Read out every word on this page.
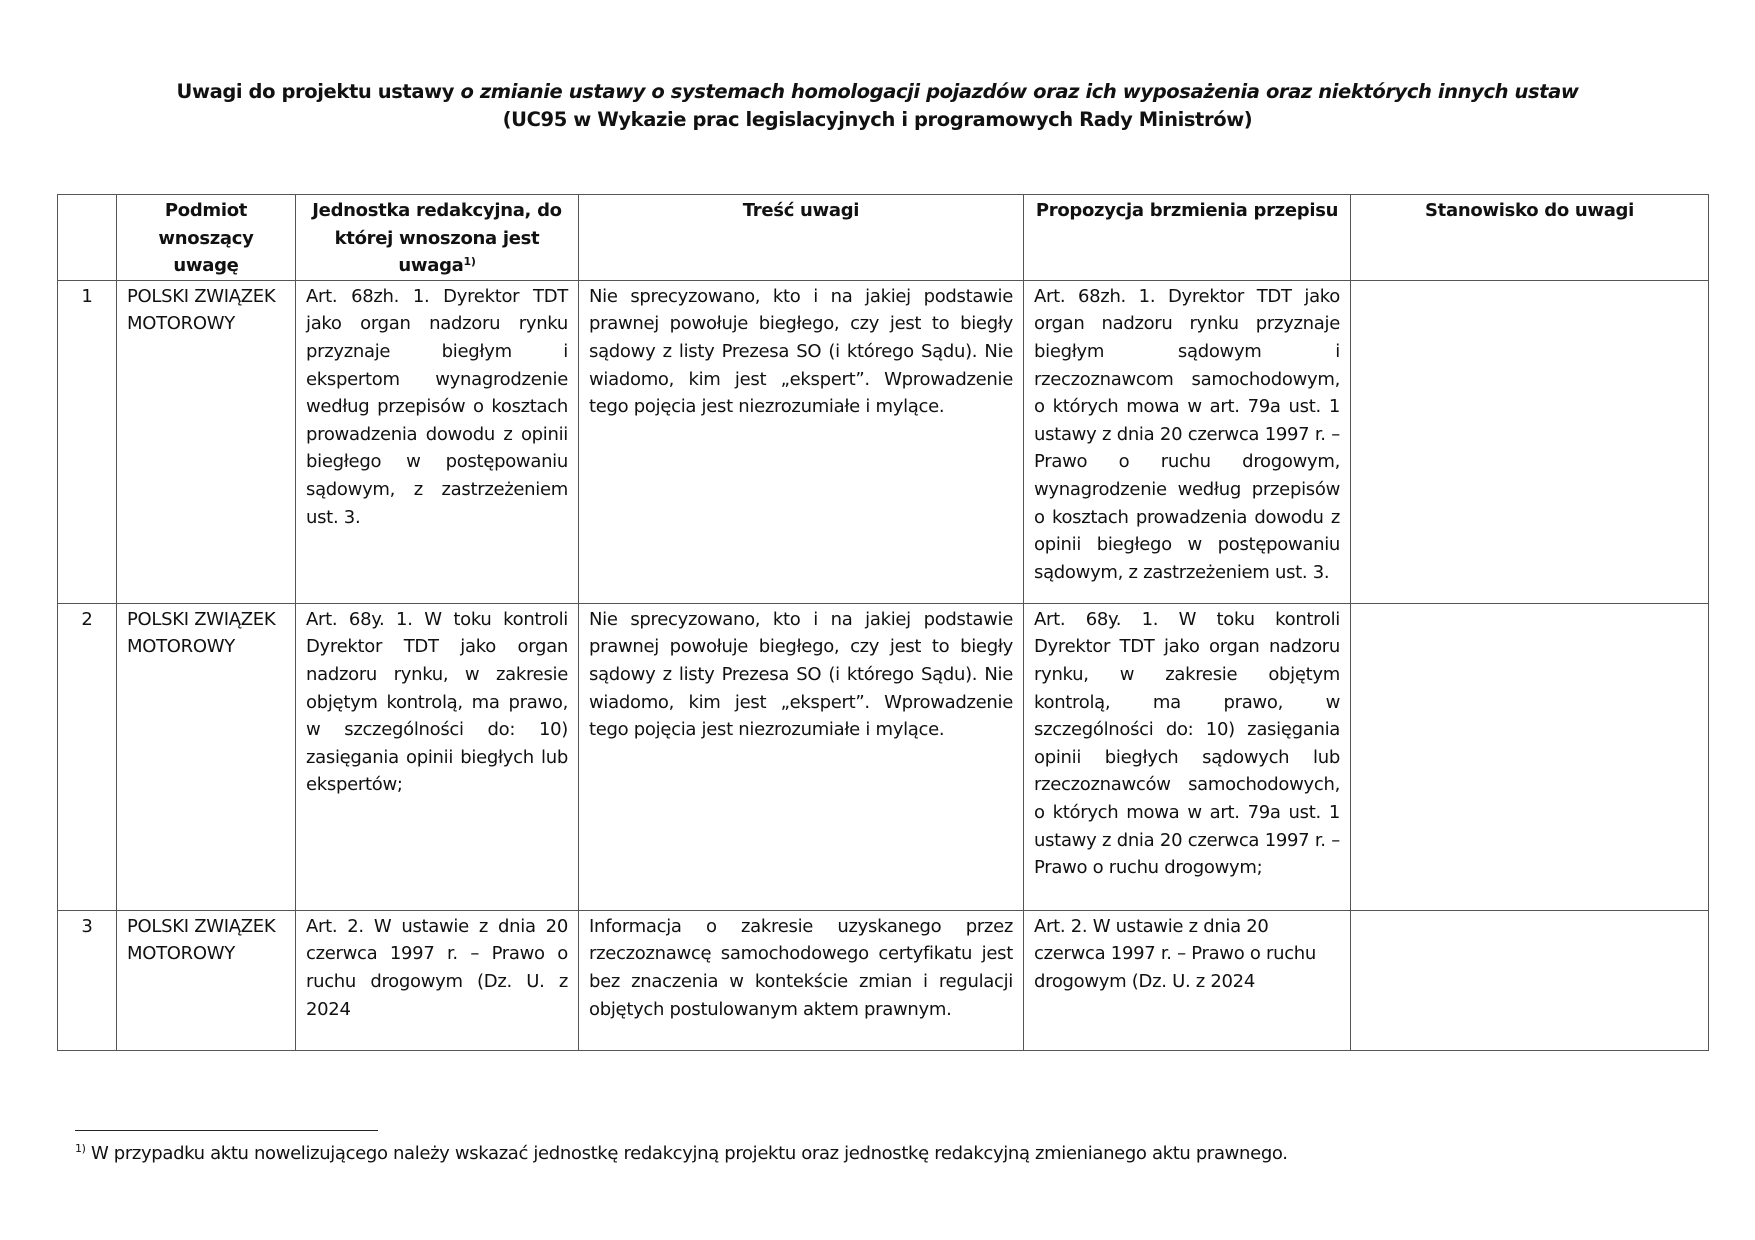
Uwagi do projektu ustawy o zmianie ustawy o systemach homologacji pojazdów oraz ich wyposażenia oraz niektórych innych ustaw
(UC95 w Wykazie prac legislacyjnych i programowych Rady Ministrów)
	Podmiot wnoszący uwagę	Jednostka redakcyjna, do której wnoszona jest uwaga$^{1)}$	Treść uwagi	Propozycja brzmienia przepisu	Stanowisko do uwagi
1	POLSKI ZWIĄZEK MOTOROWY	Art. 68zh. 1. Dyrektor TDT jako organ nadzoru rynku przyznaje biegłym i ekspertom wynagrodzenie według przepisów o kosztach prowadzenia dowodu z opinii biegłego w postępowaniu sądowym, z zastrzeżeniem ust. 3.	Nie sprecyzowano, kto i na jakiej podstawie prawnej powołuje biegłego, czy jest to biegły sądowy z listy Prezesa SO (i którego Sądu). Nie wiadomo, kim jest „ekspert”. Wprowadzenie tego pojęcia jest niezrozumiałe i mylące.	Art. 68zh. 1. Dyrektor TDT jako organ nadzoru rynku przyznaje biegłym sądowym i rzeczoznawcom samochodowym, o których mowa w art. 79a ust. 1 ustawy z dnia 20 czerwca 1997 r. – Prawo o ruchu drogowym, wynagrodzenie według przepisów o kosztach prowadzenia dowodu z opinii biegłego w postępowaniu sądowym, z zastrzeżeniem ust. 3.	
2	POLSKI ZWIĄZEK MOTOROWY	Art. 68y. 1. W toku kontroli Dyrektor TDT jako organ nadzoru rynku, w zakresie objętym kontrolą, ma prawo, w szczególności do: 10) zasięgania opinii biegłych lub ekspertów;	Nie sprecyzowano, kto i na jakiej podstawie prawnej powołuje biegłego, czy jest to biegły sądowy z listy Prezesa SO (i którego Sądu). Nie wiadomo, kim jest „ekspert”. Wprowadzenie tego pojęcia jest niezrozumiałe i mylące.	Art. 68y. 1. W toku kontroli Dyrektor TDT jako organ nadzoru rynku, w zakresie objętym kontrolą, ma prawo, w szczególności do: 10) zasięgania opinii biegłych sądowych lub rzeczoznawców samochodowych, o których mowa w art. 79a ust. 1 ustawy z dnia 20 czerwca 1997 r. – Prawo o ruchu drogowym;	
3	POLSKI ZWIĄZEK MOTOROWY	Art. 2. W ustawie z dnia 20 czerwca 1997 r. – Prawo o ruchu drogowym (Dz. U. z 2024	Informacja o zakresie uzyskanego przez rzeczoznawcę samochodowego certyfikatu jest bez znaczenia w kontekście zmian i regulacji objętych postulowanym aktem prawnym.	Art. 2. W ustawie z dnia 20 czerwca 1997 r. – Prawo o ruchu drogowym (Dz. U. z 2024	
$^{1)}$ W przypadku aktu nowelizującego należy wskazać jednostkę redakcyjną projektu oraz jednostkę redakcyjną zmienianego aktu prawnego.
